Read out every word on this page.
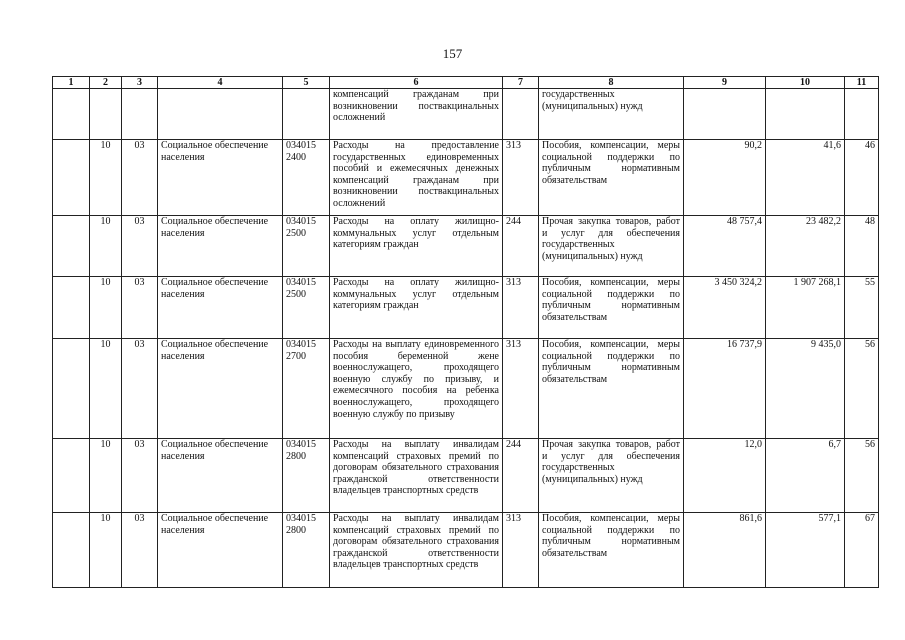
157
1	2	3	4	5	6	7	8	9	10	11
					компенсаций гражданам при возникновении поствакцинальных осложнений		государственных (муниципальных) нужд			
	10	03	Социальное обеспечение населения	034015 2400	Расходы на предоставление государственных единовременных пособий и ежемесячных денежных компенсаций гражданам при возникновении поствакцинальных осложнений	313	Пособия, компенсации, меры социальной поддержки по публичным нормативным обязательствам	90,2	41,6	46
	10	03	Социальное обеспечение населения	034015 2500	Расходы на оплату жилищно-коммунальных услуг отдельным категориям граждан	244	Прочая закупка товаров, работ и услуг для обеспечения государственных (муниципальных) нужд	48 757,4	23 482,2	48
	10	03	Социальное обеспечение населения	034015 2500	Расходы на оплату жилищно-коммунальных услуг отдельным категориям граждан	313	Пособия, компенсации, меры социальной поддержки по публичным нормативным обязательствам	3 450 324,2	1 907 268,1	55
	10	03	Социальное обеспечение населения	034015 2700	Расходы на выплату единовременного пособия беременной жене военнослужащего, проходящего военную службу по призыву, и ежемесячного пособия на ребенка военнослужащего, проходящего военную службу по призыву	313	Пособия, компенсации, меры социальной поддержки по публичным нормативным обязательствам	16 737,9	9 435,0	56
	10	03	Социальное обеспечение населения	034015 2800	Расходы на выплату инвалидам компенсаций страховых премий по договорам обязательного страхования гражданской ответственности владельцев транспортных средств	244	Прочая закупка товаров, работ и услуг для обеспечения государственных (муниципальных) нужд	12,0	6,7	56
	10	03	Социальное обеспечение населения	034015 2800	Расходы на выплату инвалидам компенсаций страховых премий по договорам обязательного страхования гражданской ответственности владельцев транспортных средств	313	Пособия, компенсации, меры социальной поддержки по публичным нормативным обязательствам	861,6	577,1	67
